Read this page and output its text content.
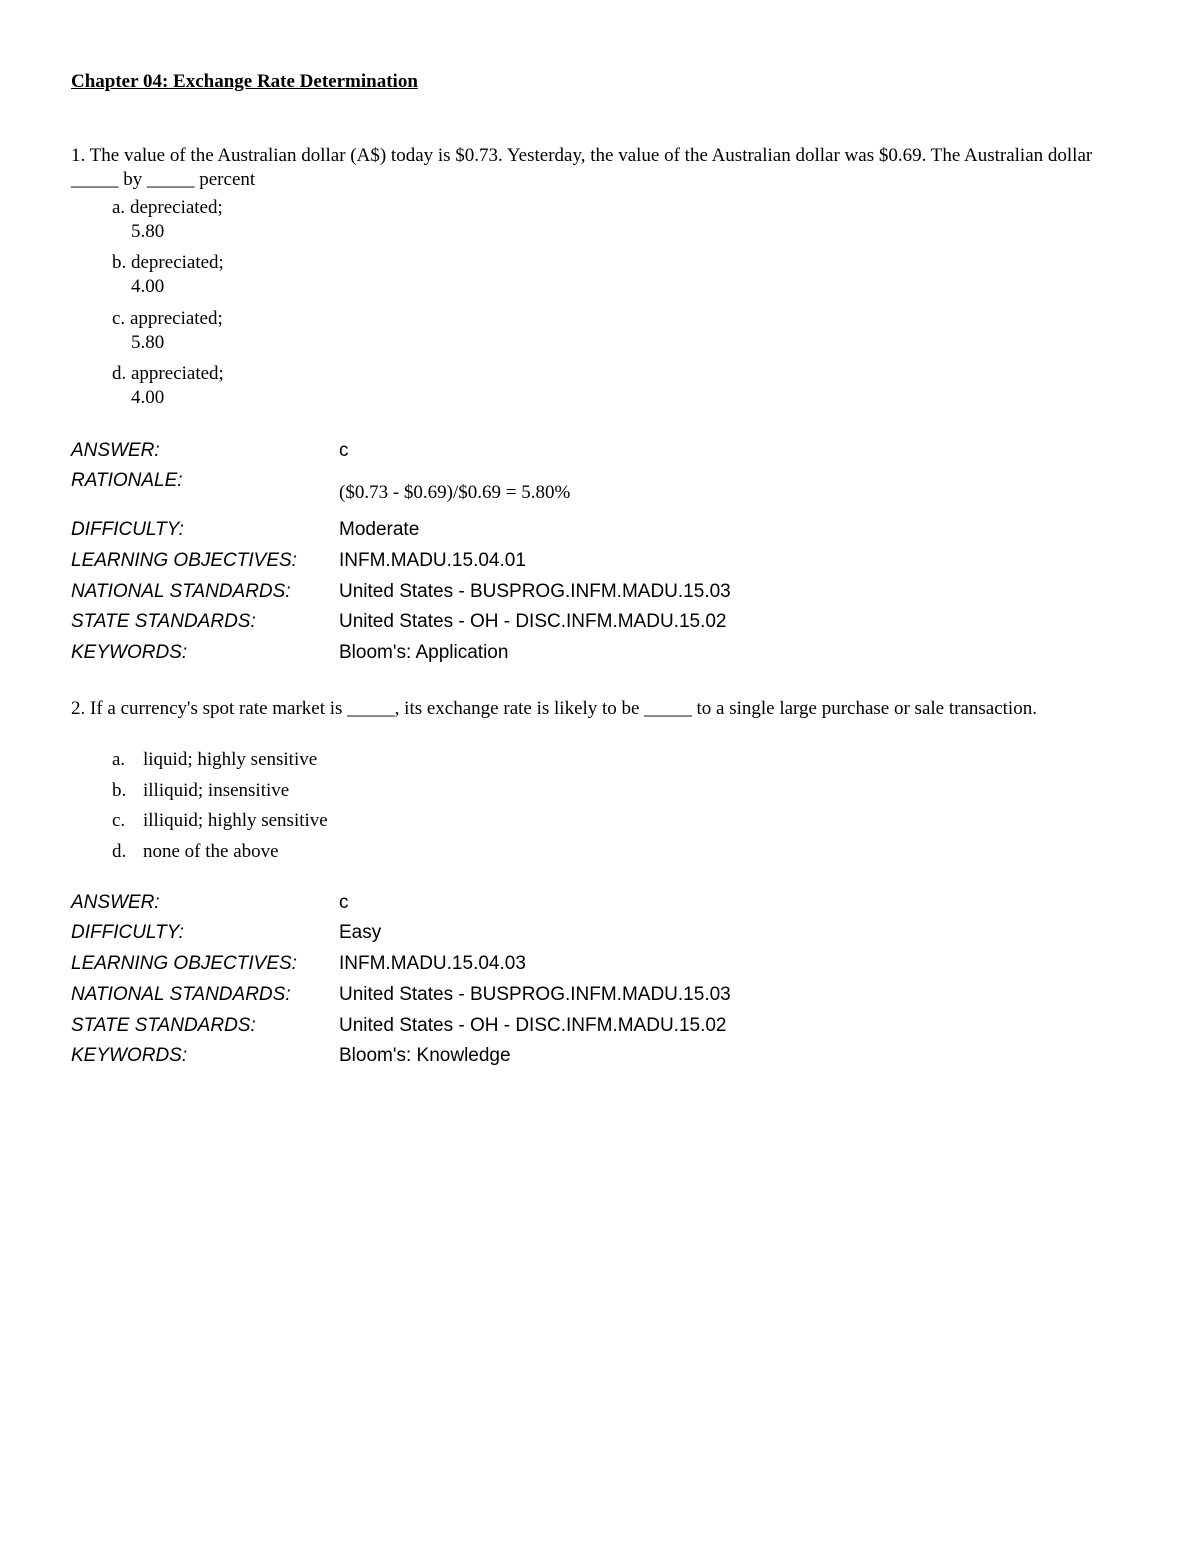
Chapter 04: Exchange Rate Determination
1. The value of the Australian dollar (A$) today is $0.73. Yesterday, the value of the Australian dollar was $0.69. The Australian dollar _____ by _____ percent
a. depreciated;
5.80
b. depreciated;
4.00
c. appreciated;
5.80
d. appreciated;
4.00
ANSWER:	c
RATIONALE:
($0.73 - $0.69)/$0.69 = 5.80%
DIFFICULTY:	Moderate
LEARNING OBJECTIVES: INFM.MADU.15.04.01
NATIONAL STANDARDS:	United States - BUSPROG.INFM.MADU.15.03
STATE STANDARDS:	United States - OH - DISC.INFM.MADU.15.02
KEYWORDS:	Bloom's: Application
2. If a currency's spot rate market is _____, its exchange rate is likely to be _____ to a single large purchase or sale transaction.
a. liquid; highly sensitive
b. illiquid; insensitive
c. illiquid; highly sensitive
d. none of the above
ANSWER:	c
DIFFICULTY:	Easy
LEARNING OBJECTIVES: INFM.MADU.15.04.03
NATIONAL STANDARDS:	United States - BUSPROG.INFM.MADU.15.03
STATE STANDARDS:	United States - OH - DISC.INFM.MADU.15.02
KEYWORDS:	Bloom's: Knowledge
